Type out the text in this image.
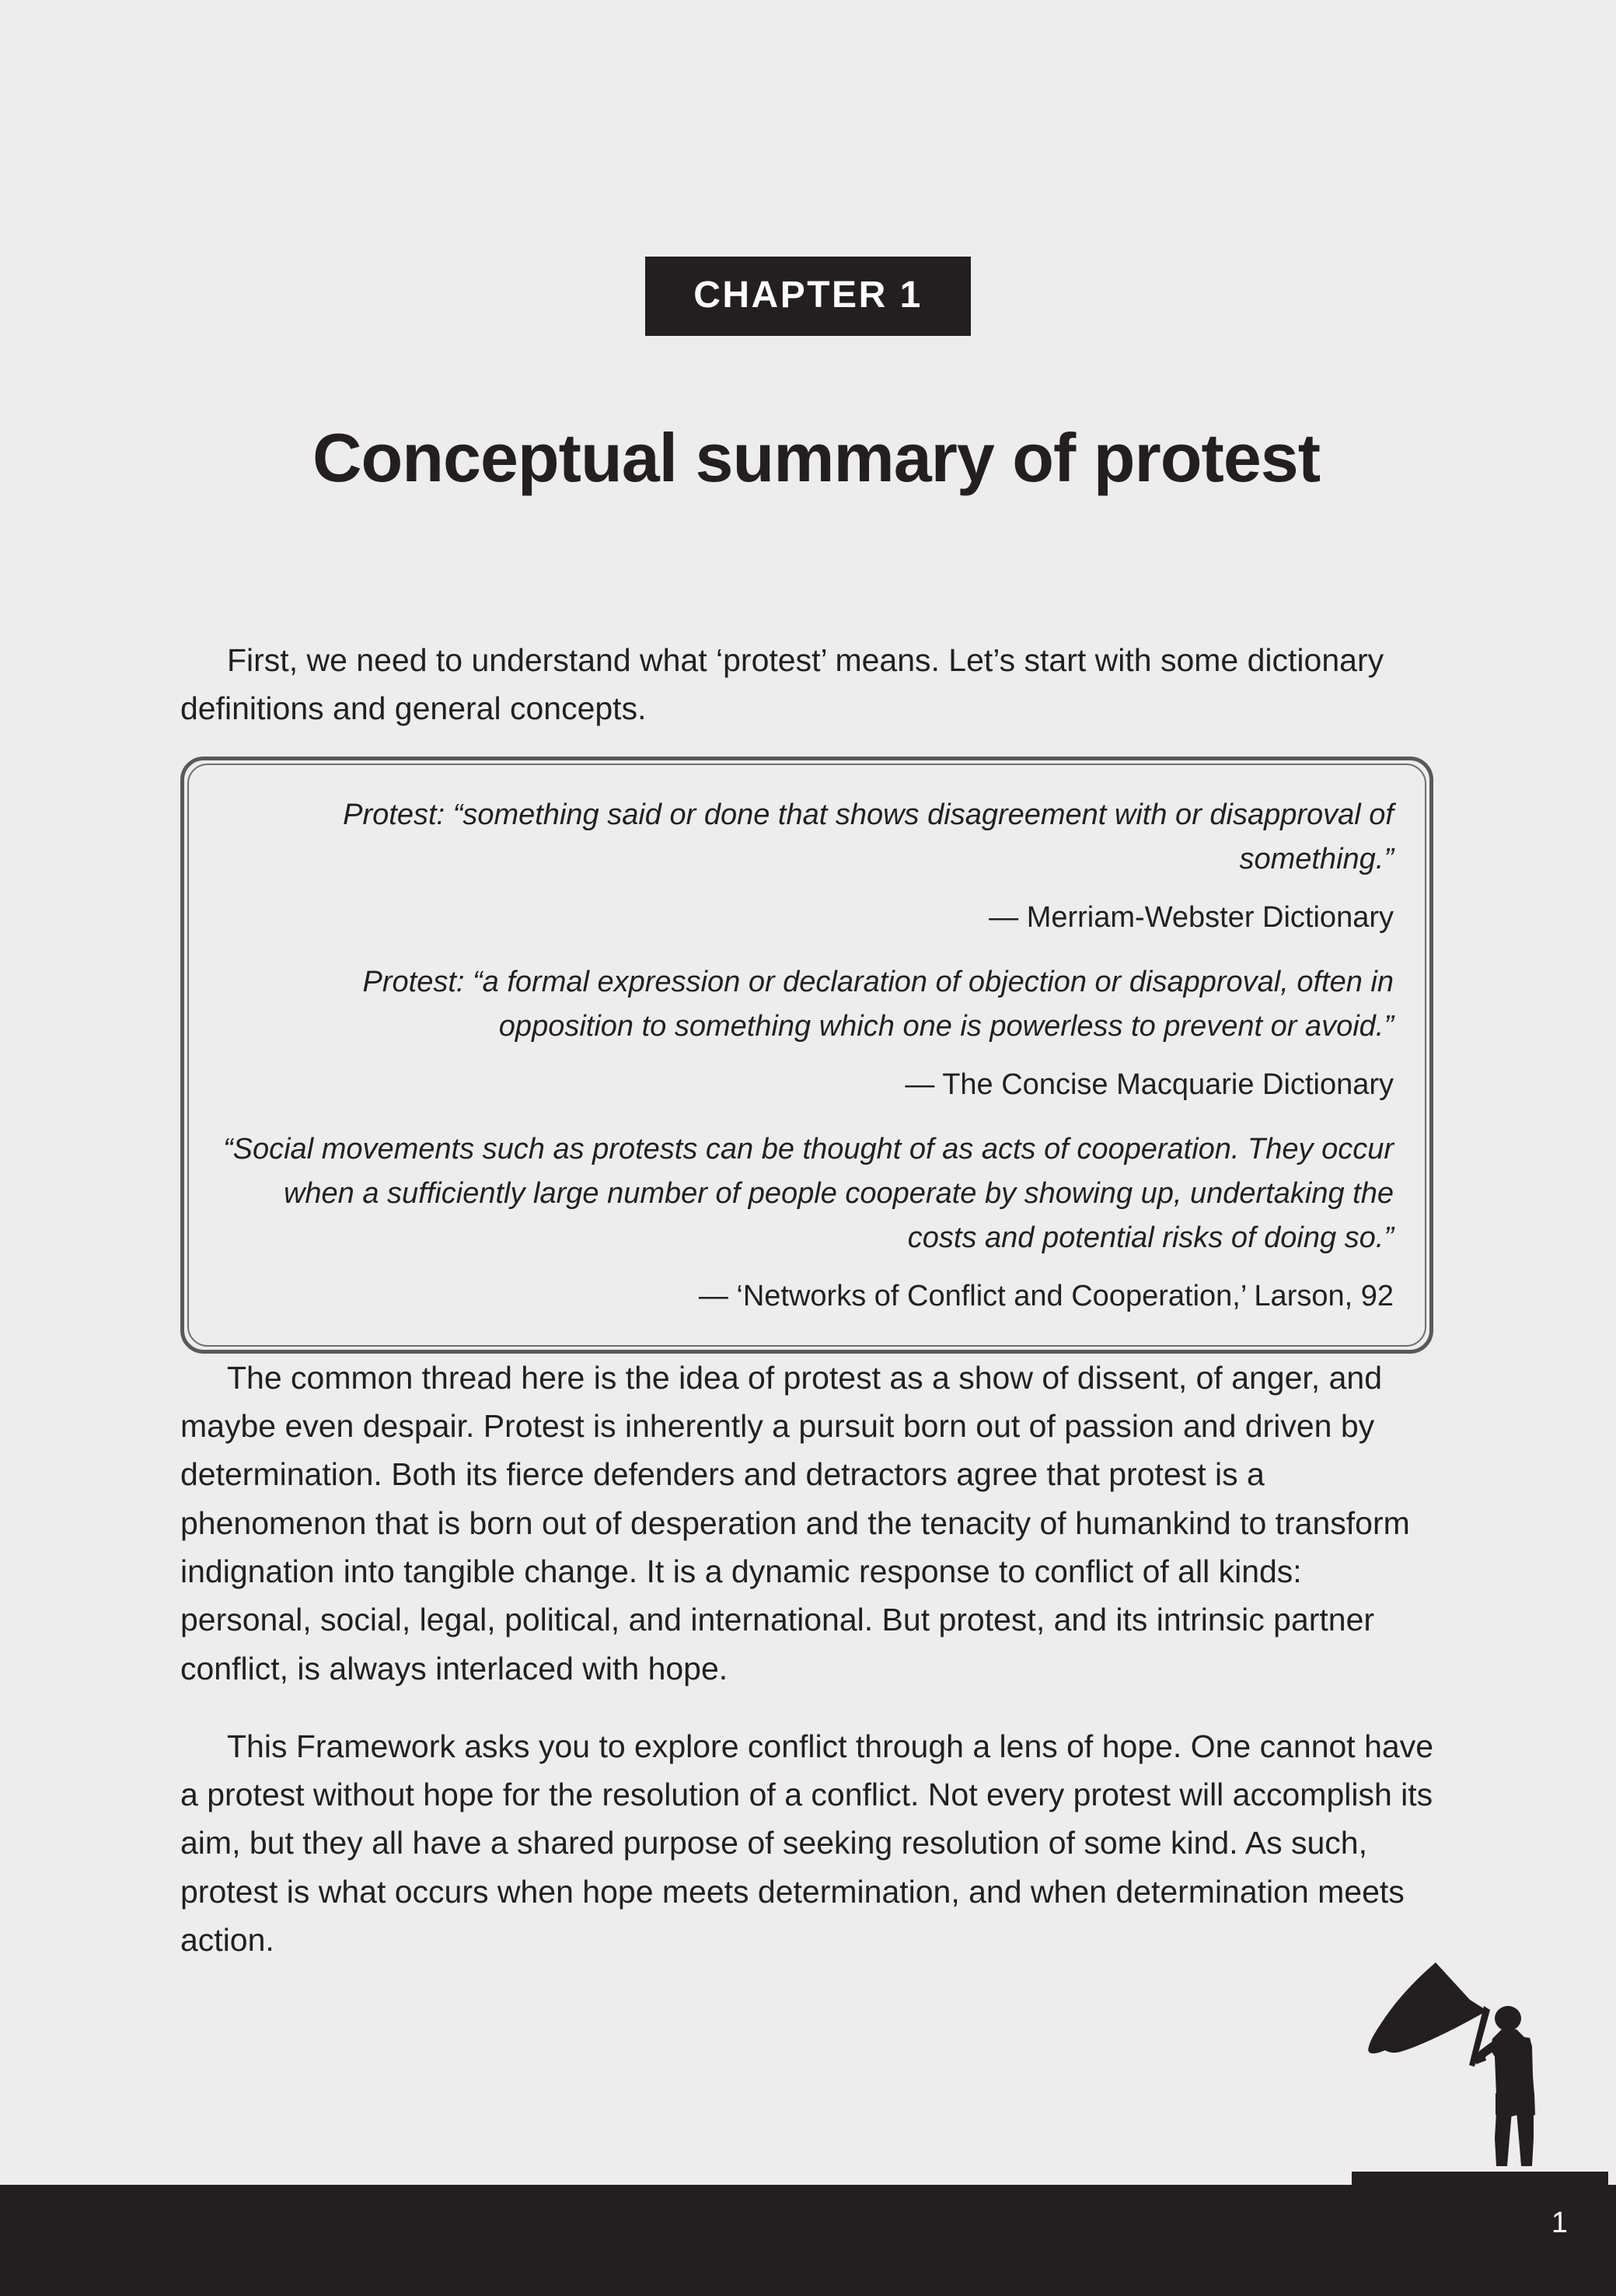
CHAPTER 1
Conceptual summary of protest

First, we need to understand what ‘protest’ means. Let’s start with some dictionary definitions and general concepts.

Protest: “something said or done that shows disagreement with or disapproval of something.”

— Merriam-Webster Dictionary

Protest: “a formal expression or declaration of objection or disapproval, often in opposition to something which one is powerless to prevent or avoid.”

— The Concise Macquarie Dictionary

“Social movements such as protests can be thought of as acts of cooperation. They occur when a sufficiently large number of people cooperate by showing up, undertaking the costs and potential risks of doing so.”

— ‘Networks of Conflict and Cooperation,’ Larson, 92

The common thread here is the idea of protest as a show of dissent, of anger, and maybe even despair. Protest is inherently a pursuit born out of passion and driven by determination. Both its fierce defenders and detractors agree that protest is a phenomenon that is born out of desperation and the tenacity of humankind to transform indignation into tangible change. It is a dynamic response to conflict of all kinds: personal, social, legal, political, and international. But protest, and its intrinsic partner conflict, is always interlaced with hope.

This Framework asks you to explore conflict through a lens of hope. One cannot have a protest without hope for the resolution of a conflict. Not every protest will accomplish its aim, but they all have a shared purpose of seeking resolution of some kind. As such, protest is what occurs when hope meets determination, and when determination meets action.

1
